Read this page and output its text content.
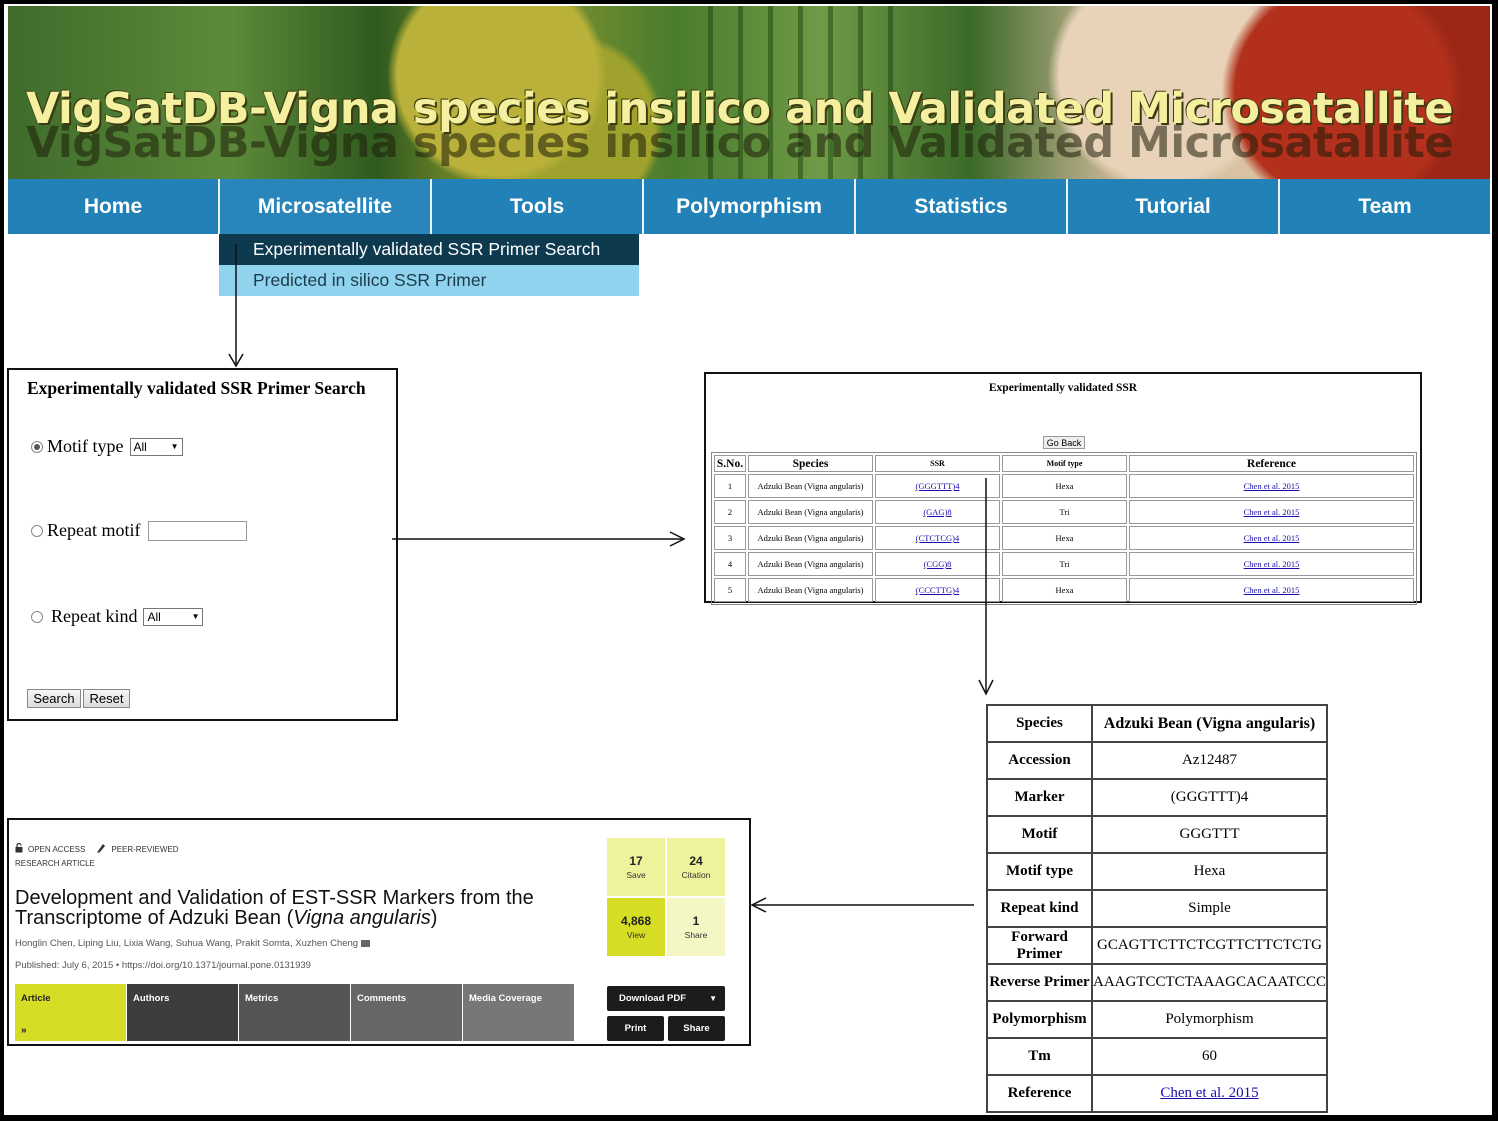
VigSatDB-Vigna species insilico and Validated Microsatallite
Home	Microsatellite	Tools	Polymorphism	Statistics	Tutorial	Team
Experimentally validated SSR Primer Search
Predicted in silico SSR Primer
Experimentally validated SSR Primer Search
Motif type All	▼
Repeat motif
Repeat kind All	▼
Search	Reset
Experimentally validated SSR
Go Back
S.No.	Species	SSR	Motif type	Reference
1	Adzuki Bean (Vigna angularis)	(GGGTTT)4	Hexa	Chen et al. 2015
2	Adzuki Bean (Vigna angularis)	(GAG)8	Tri	Chen et al. 2015
3	Adzuki Bean (Vigna angularis)	(CTCTCG)4	Hexa	Chen et al. 2015
4	Adzuki Bean (Vigna angularis)	(CGG)8	Tri	Chen et al. 2015
5	Adzuki Bean (Vigna angularis)	(CCCTTG)4	Hexa	Chen et al. 2015
Species	Adzuki Bean (Vigna angularis)
Accession	Az12487
Marker	(GGGTTT)4
Motif	GGGTTT
Motif type	Hexa
Repeat kind	Simple
Forward Primer	GCAGTTCTTCTCGTTCTTCTCTG
Reverse Primer	AAAGTCCTCTAAAGCACAATCCC
Polymorphism	Polymorphism
Tm	60
Reference	Chen et al. 2015
OPEN ACCESS	PEER-REVIEWED
RESEARCH ARTICLE
Development and Validation of EST-SSR Markers from the Transcriptome of Adzuki Bean (Vigna angularis)
Honglin Chen, Liping Liu, Lixia Wang, Suhua Wang, Prakit Somta, Xuzhen Cheng
Published: July 6, 2015 • https://doi.org/10.1371/journal.pone.0131939
17
Save
24
Citation
4,868
View
1
Share
Article
»
Authors	Metrics	Comments	Media Coverage	Download PDF	▼
Print	Share
